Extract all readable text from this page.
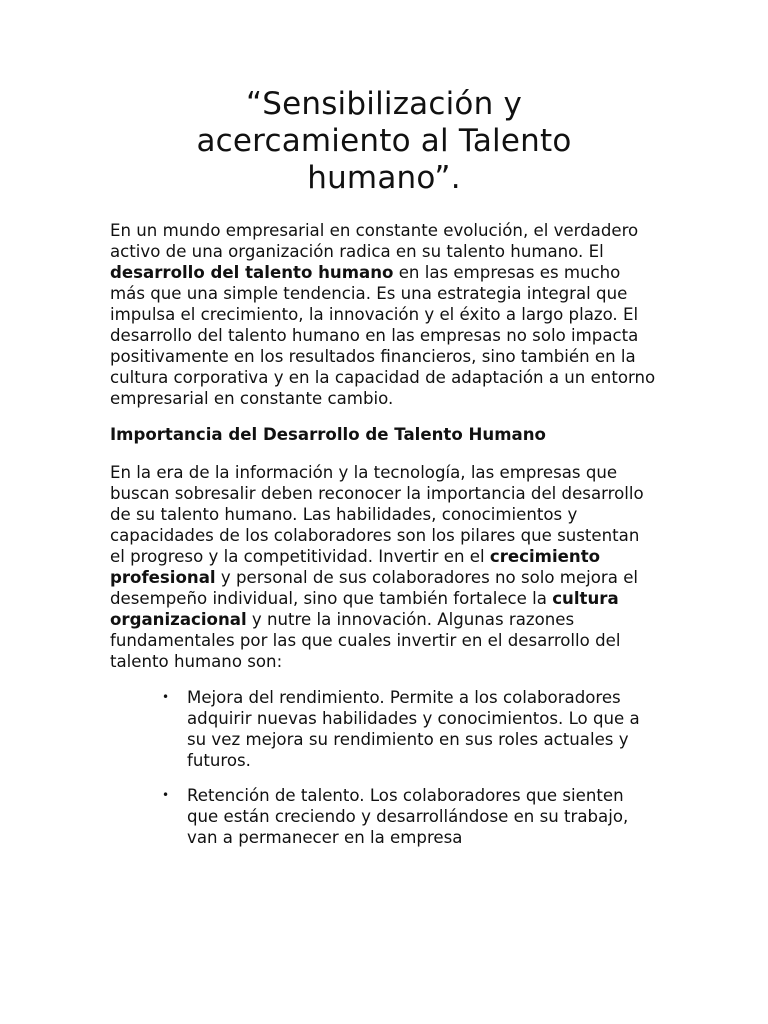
“Sensibilización y acercamiento al Talento humano”.

En un mundo empresarial en constante evolución, el verdadero activo de una organización radica en su talento humano. El desarrollo del talento humano en las empresas es mucho más que una simple tendencia. Es una estrategia integral que impulsa el crecimiento, la innovación y el éxito a largo plazo. El desarrollo del talento humano en las empresas no solo impacta positivamente en los resultados financieros, sino también en la cultura corporativa y en la capacidad de adaptación a un entorno empresarial en constante cambio.

Importancia del Desarrollo de Talento Humano

En la era de la información y la tecnología, las empresas que buscan sobresalir deben reconocer la importancia del desarrollo de su talento humano. Las habilidades, conocimientos y capacidades de los colaboradores son los pilares que sustentan el progreso y la competitividad. Invertir en el crecimiento profesional y personal de sus colaboradores no solo mejora el desempeño individual, sino que también fortalece la cultura organizacional y nutre la innovación. Algunas razones fundamentales por las que cuales invertir en el desarrollo del talento humano son:

• Mejora del rendimiento. Permite a los colaboradores adquirir nuevas habilidades y conocimientos. Lo que a su vez mejora su rendimiento en sus roles actuales y futuros.
• Retención de talento. Los colaboradores que sienten que están creciendo y desarrollándose en su trabajo, van a permanecer en la empresa
